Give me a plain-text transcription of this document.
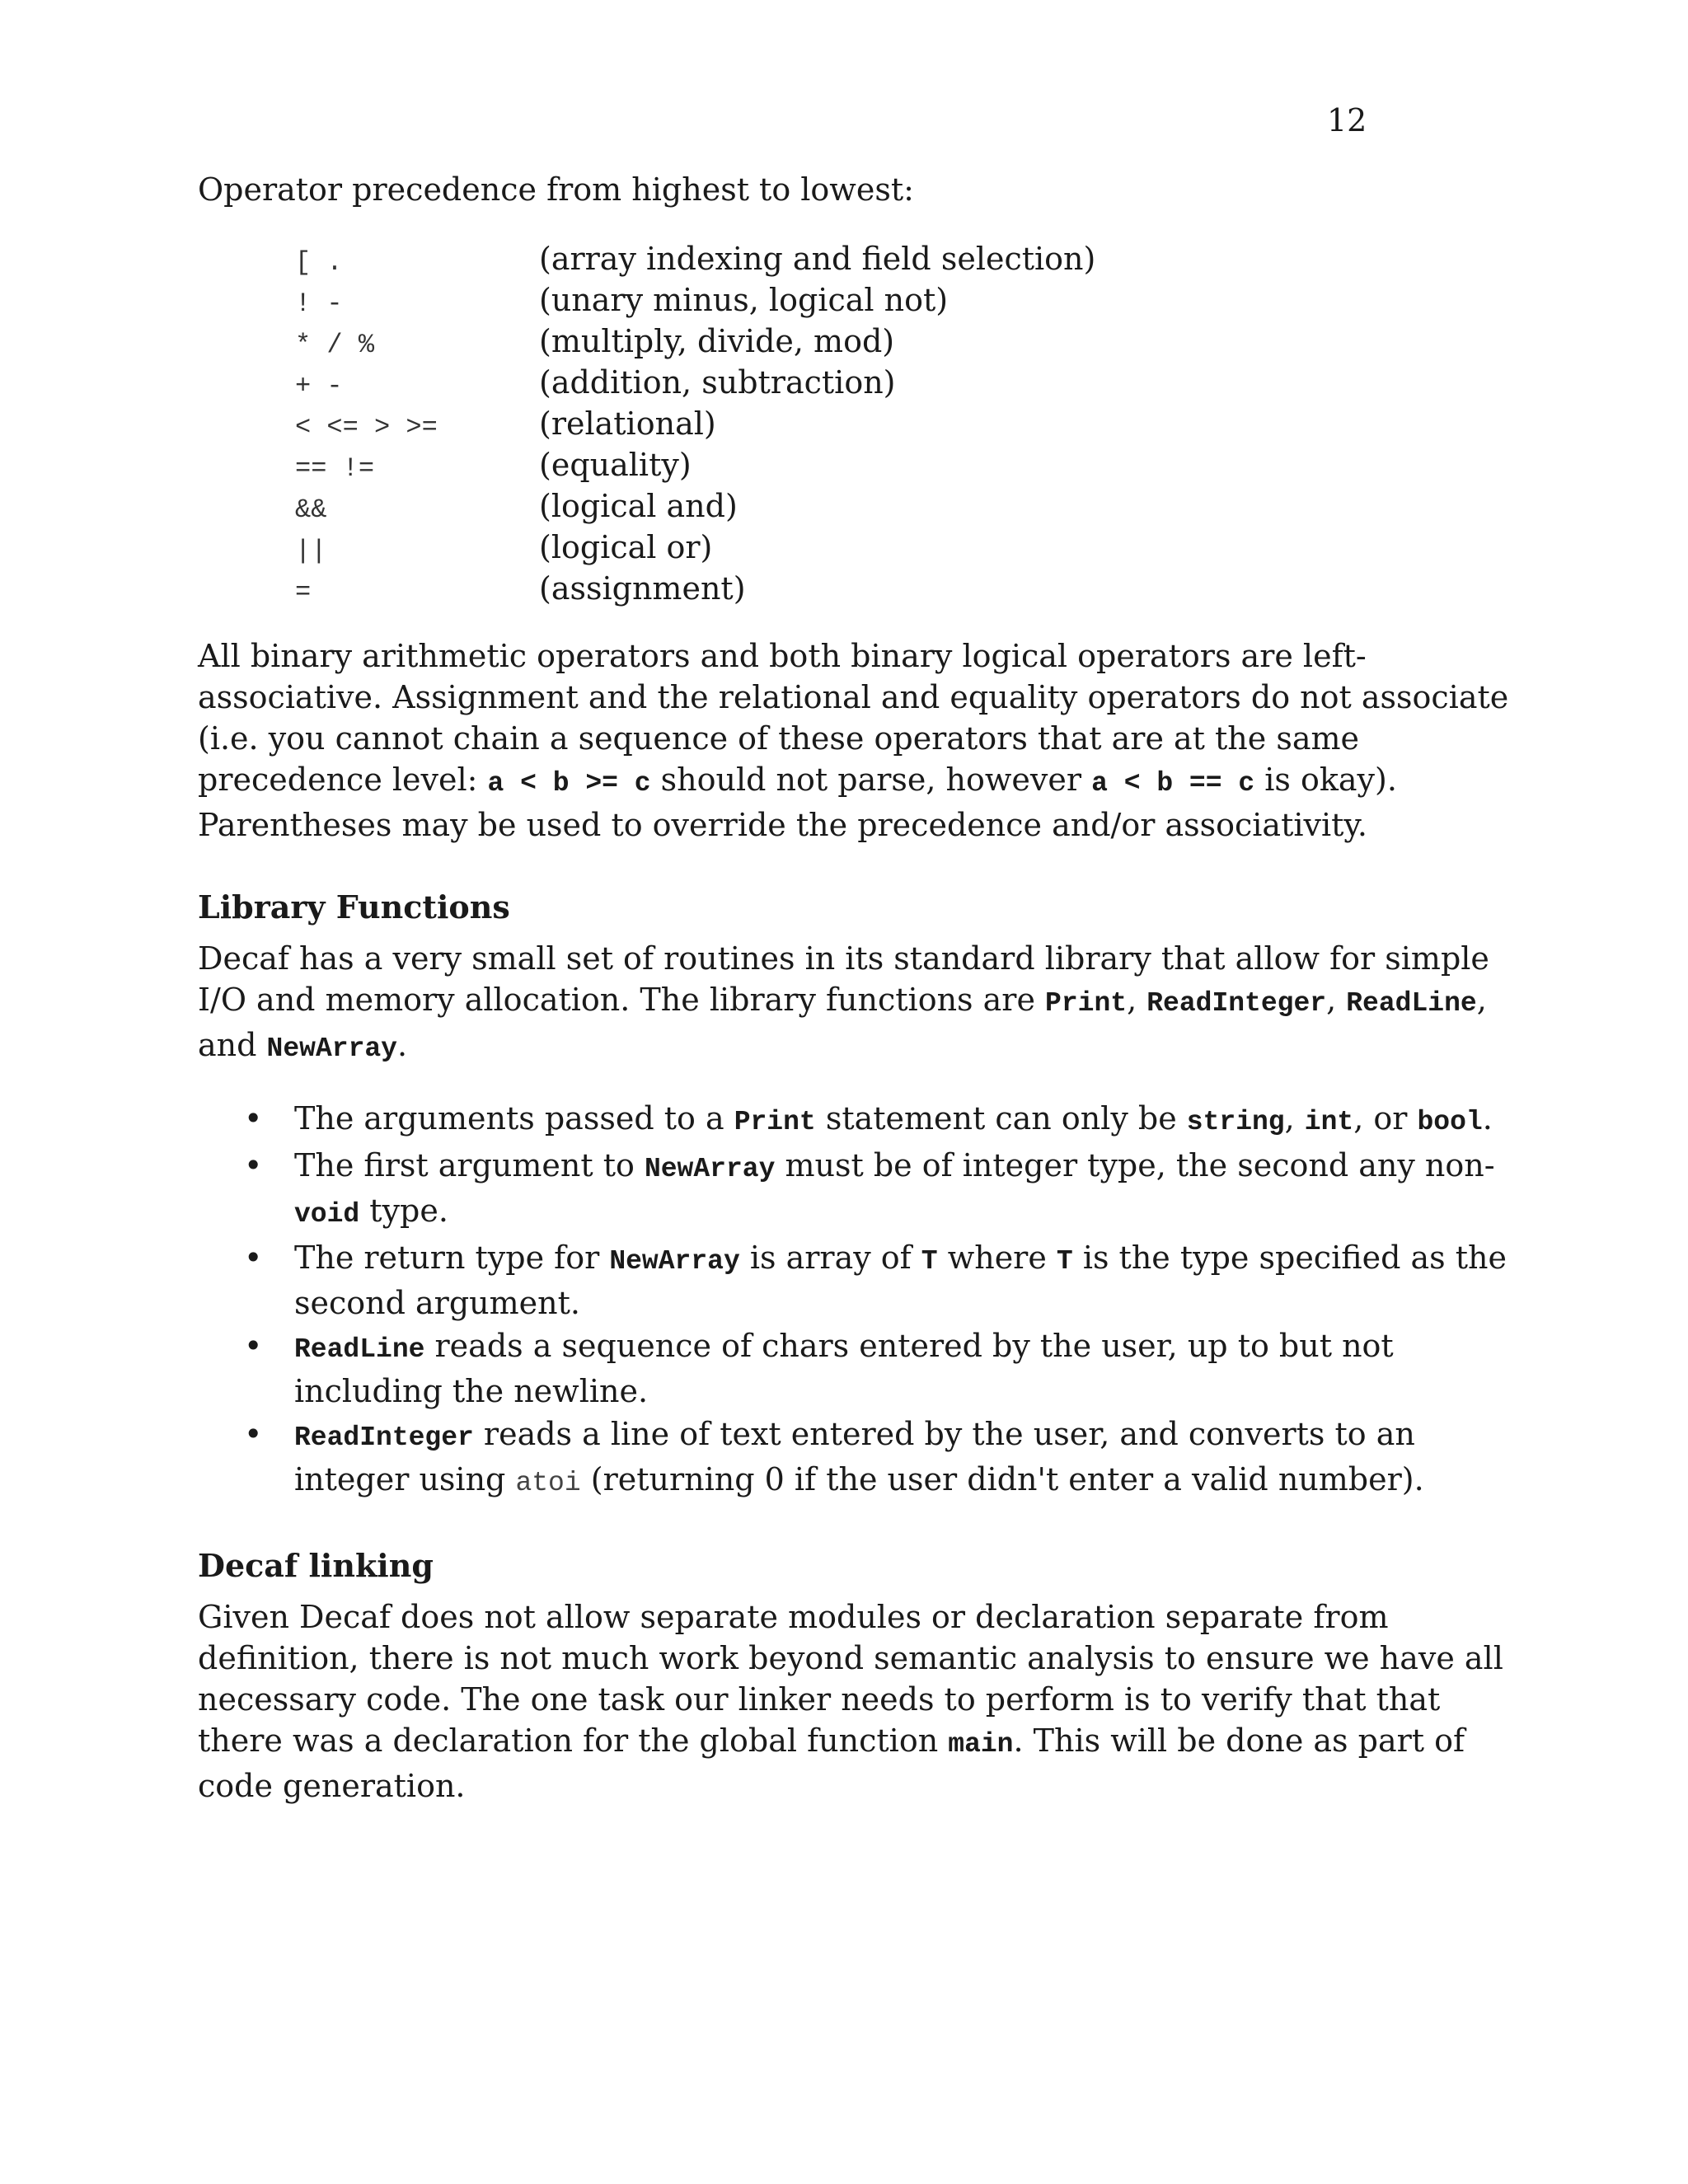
12

Operator precedence from highest to lowest:

[ .	(array indexing and field selection)
! -	(unary minus, logical not)
* / %	(multiply, divide, mod)
+ -	(addition, subtraction)
< <= > >=	(relational)
== !=	(equality)
&&	(logical and)
||	(logical or)
=	(assignment)

All binary arithmetic operators and both binary logical operators are left-associative. Assignment and the relational and equality operators do not associate (i.e. you cannot chain a sequence of these operators that are at the same precedence level: a < b >= c should not parse, however a < b == c is okay). Parentheses may be used to override the precedence and/or associativity.

Library Functions

Decaf has a very small set of routines in its standard library that allow for simple I/O and memory allocation. The library functions are Print, ReadInteger, ReadLine, and NewArray.

• The arguments passed to a Print statement can only be string, int, or bool.
• The first argument to NewArray must be of integer type, the second any non-void type.
• The return type for NewArray is array of T where T is the type specified as the second argument.
• ReadLine reads a sequence of chars entered by the user, up to but not including the newline.
• ReadInteger reads a line of text entered by the user, and converts to an integer using atoi (returning 0 if the user didn't enter a valid number).
Decaf linking

Given Decaf does not allow separate modules or declaration separate from definition, there is not much work beyond semantic analysis to ensure we have all necessary code. The one task our linker needs to perform is to verify that that there was a declaration for the global function main. This will be done as part of code generation.
